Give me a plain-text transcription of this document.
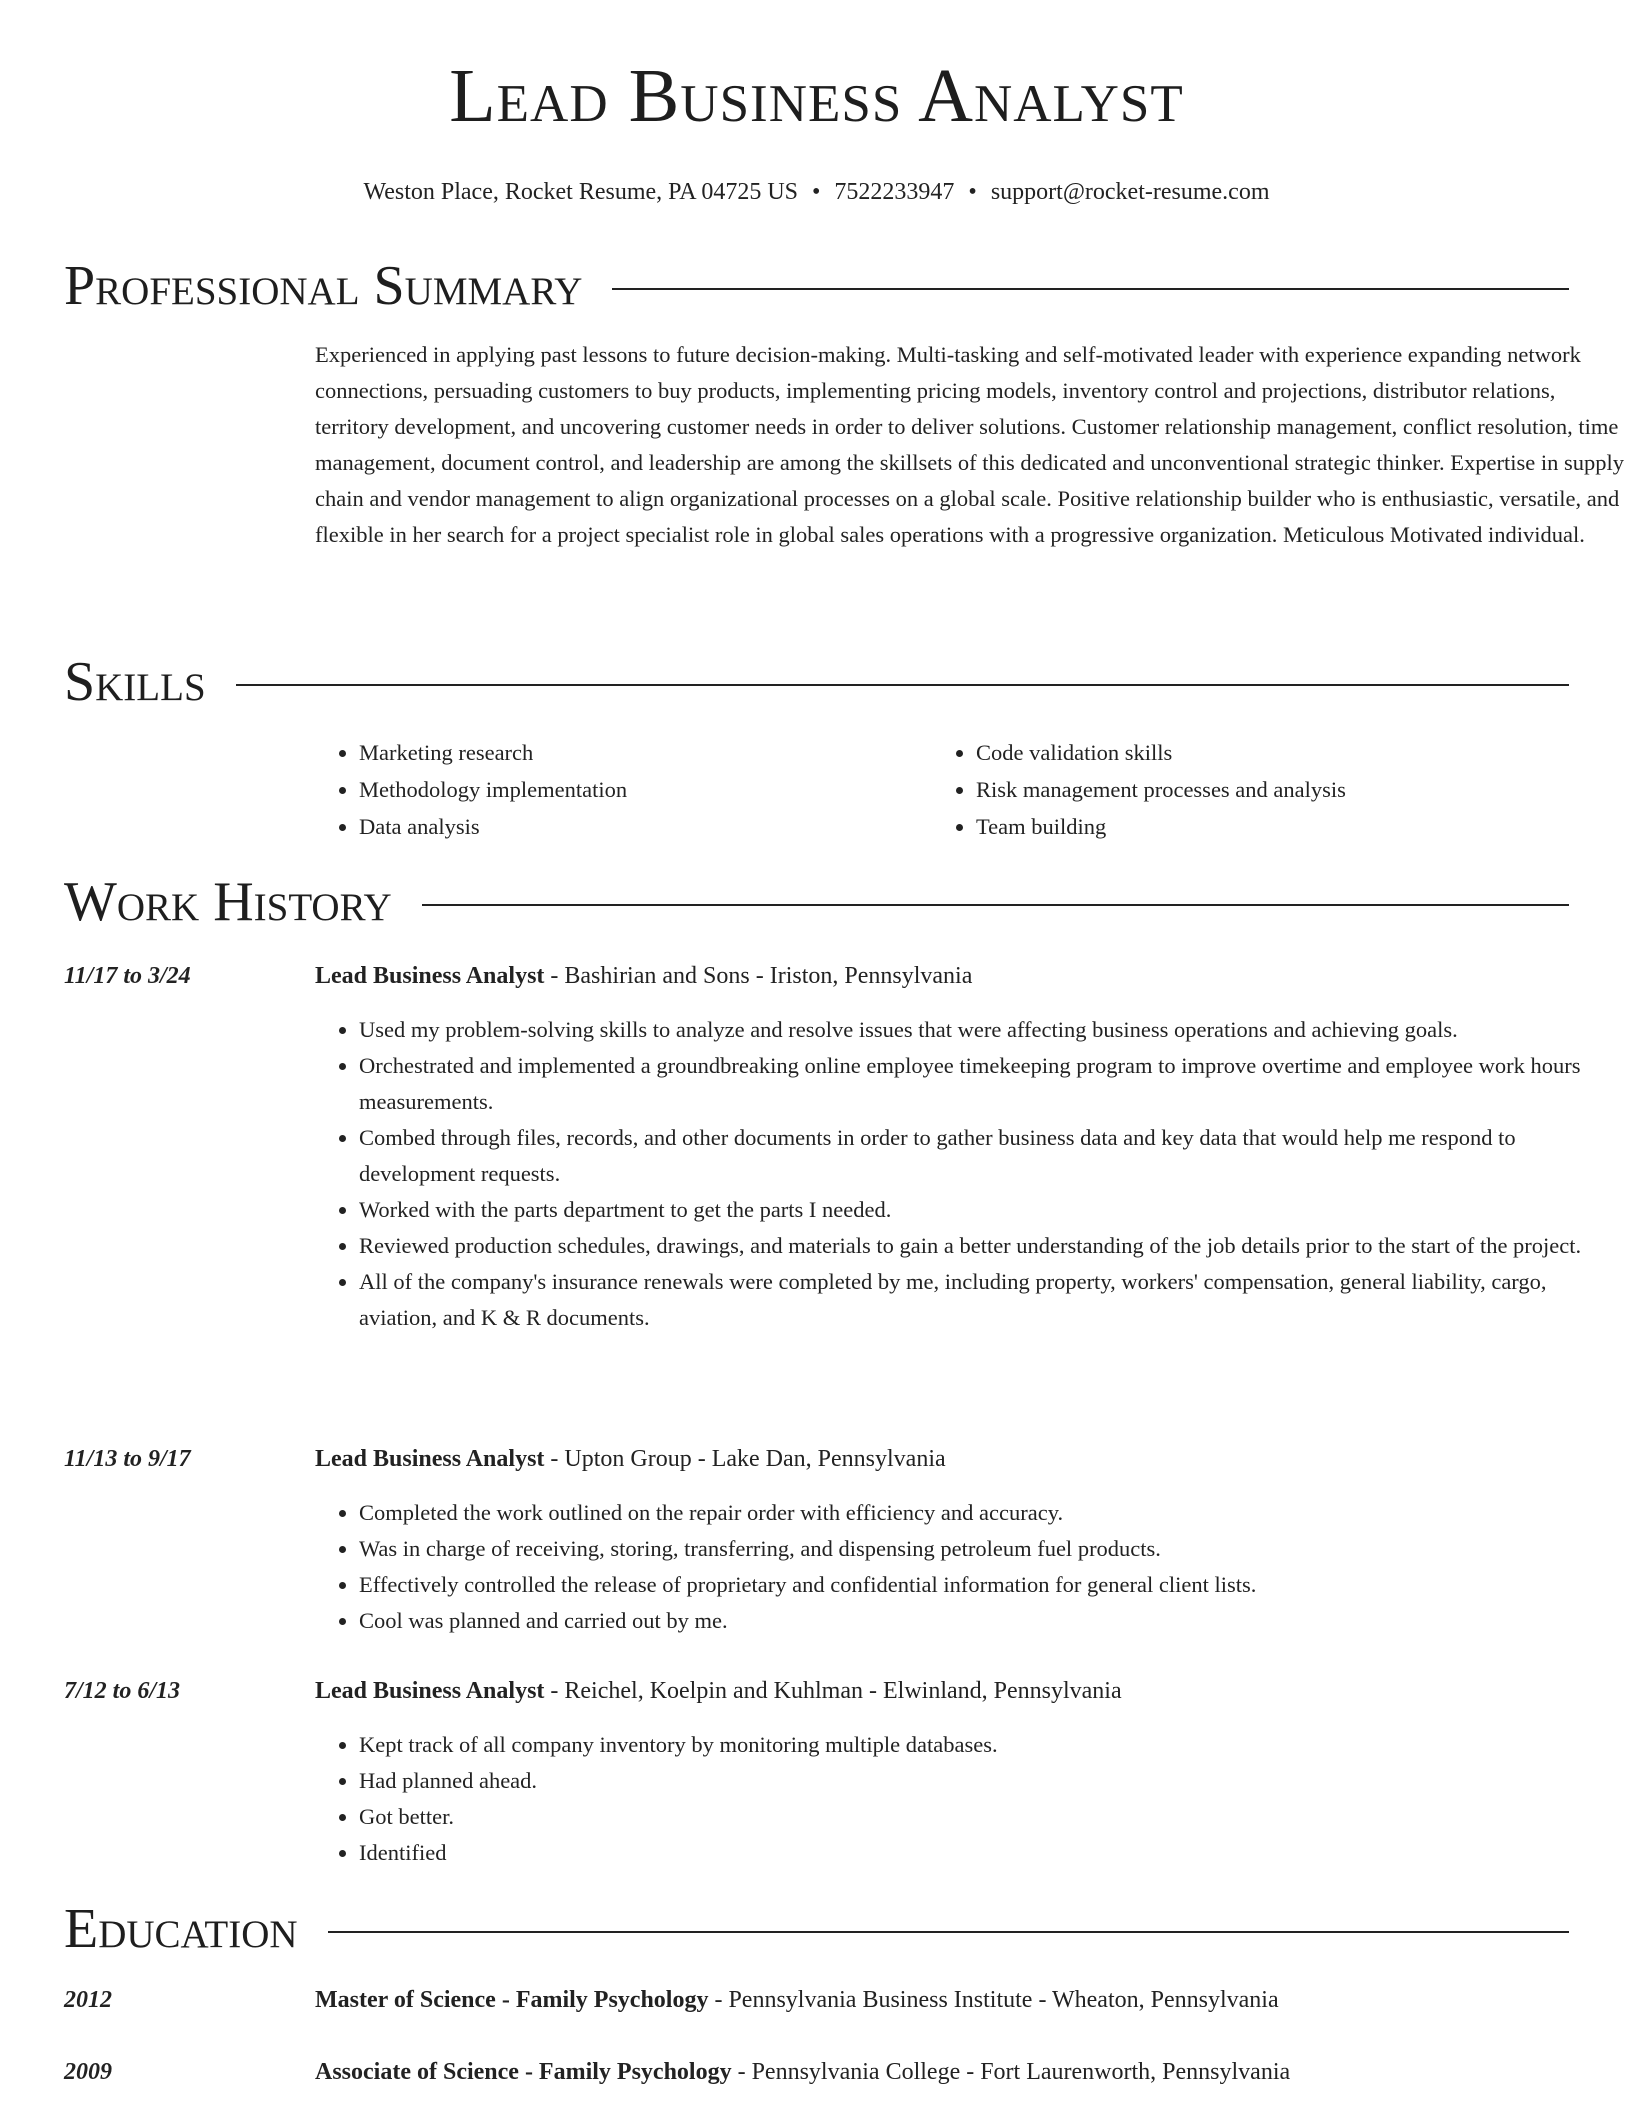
Lead Business Analyst
Weston Place, Rocket Resume, PA 04725 US • 7522233947 • support@rocket-resume.com
Professional Summary

Experienced in applying past lessons to future decision-making. Multi-tasking and self-motivated leader with experience expanding network connections, persuading customers to buy products, implementing pricing models, inventory control and projections, distributor relations, territory development, and uncovering customer needs in order to deliver solutions. Customer relationship management, conflict resolution, time management, document control, and leadership are among the skillsets of this dedicated and unconventional strategic thinker. Expertise in supply chain and vendor management to align organizational processes on a global scale. Positive relationship builder who is enthusiastic, versatile, and flexible in her search for a project specialist role in global sales operations with a progressive organization. Meticulous Motivated individual.

Skills
• Marketing research
• Methodology implementation
• Data analysis
• Code validation skills
• Risk management processes and analysis
• Team building
Work History
11/17 to 3/24	Lead Business Analyst - Bashirian and Sons - Iriston, Pennsylvania
• Used my problem-solving skills to analyze and resolve issues that were affecting business operations and achieving goals.
• Orchestrated and implemented a groundbreaking online employee timekeeping program to improve overtime and employee work hours measurements.
• Combed through files, records, and other documents in order to gather business data and key data that would help me respond to development requests.
• Worked with the parts department to get the parts I needed.
• Reviewed production schedules, drawings, and materials to gain a better understanding of the job details prior to the start of the project.
• All of the company's insurance renewals were completed by me, including property, workers' compensation, general liability, cargo, aviation, and K & R documents.
11/13 to 9/17	Lead Business Analyst - Upton Group - Lake Dan, Pennsylvania
• Completed the work outlined on the repair order with efficiency and accuracy.
• Was in charge of receiving, storing, transferring, and dispensing petroleum fuel products.
• Effectively controlled the release of proprietary and confidential information for general client lists.
• Cool was planned and carried out by me.
7/12 to 6/13	Lead Business Analyst - Reichel, Koelpin and Kuhlman - Elwinland, Pennsylvania
• Kept track of all company inventory by monitoring multiple databases.
• Had planned ahead.
• Got better.
• Identified
Education
2012	Master of Science - Family Psychology - Pennsylvania Business Institute - Wheaton, Pennsylvania
2009	Associate of Science - Family Psychology - Pennsylvania College - Fort Laurenworth, Pennsylvania
